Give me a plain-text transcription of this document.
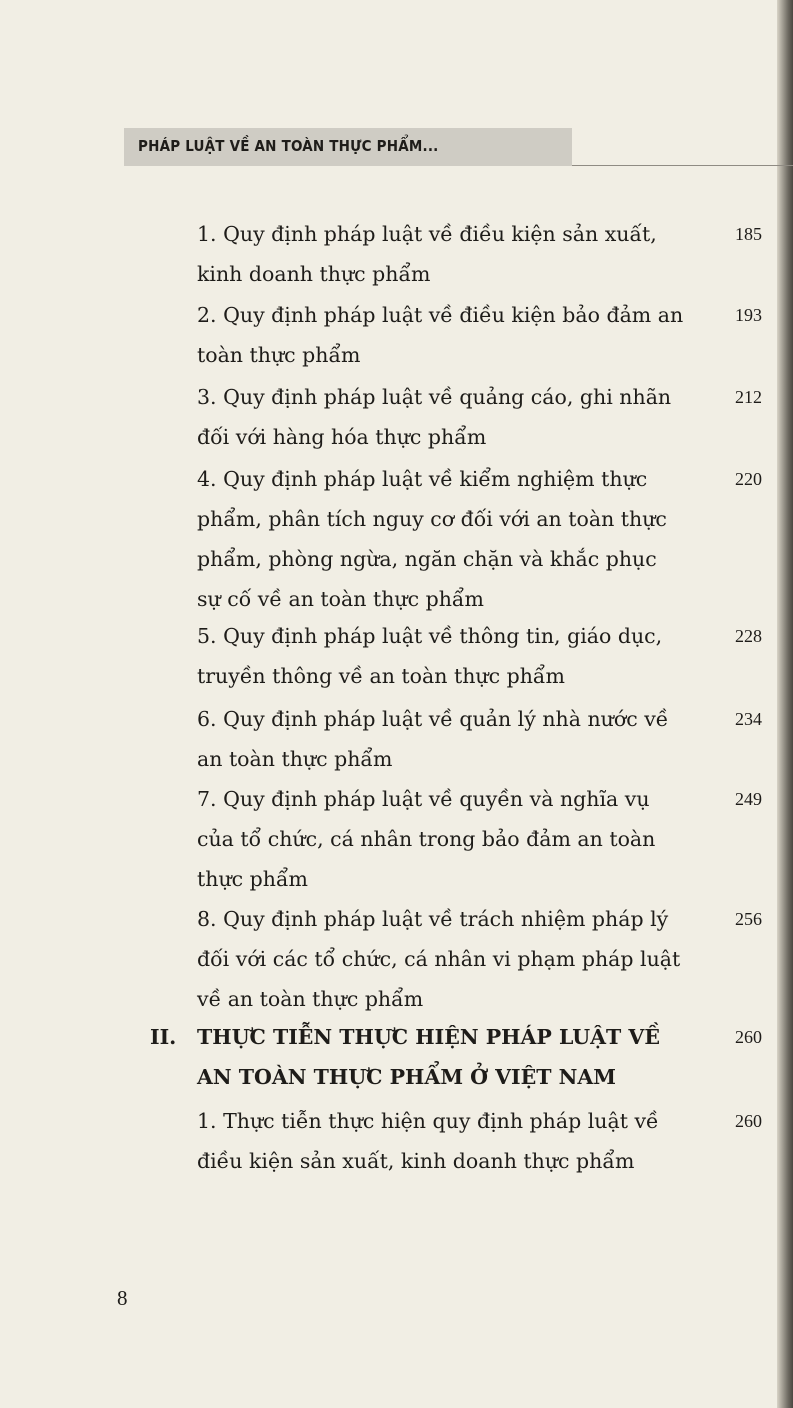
PHÁP LUẬT VỀ AN TOÀN THỰC PHẨM...
1. Quy định pháp luật về điều kiện sản xuất,
kinh doanh thực phẩm
185
2. Quy định pháp luật về điều kiện bảo đảm an
toàn thực phẩm
193
3. Quy định pháp luật về quảng cáo, ghi nhãn
đối với hàng hóa thực phẩm
212
4. Quy định pháp luật về kiểm nghiệm thực
phẩm, phân tích nguy cơ đối với an toàn thực
phẩm, phòng ngừa, ngăn chặn và khắc phục
sự cố về an toàn thực phẩm
220
5. Quy định pháp luật về thông tin, giáo dục,
truyền thông về an toàn thực phẩm
228
6. Quy định pháp luật về quản lý nhà nước về
an toàn thực phẩm
234
7. Quy định pháp luật về quyền và nghĩa vụ
của tổ chức, cá nhân trong bảo đảm an toàn
thực phẩm
249
8. Quy định pháp luật về trách nhiệm pháp lý
đối với các tổ chức, cá nhân vi phạm pháp luật
về an toàn thực phẩm
256
II. THỰC TIỄN THỰC HIỆN PHÁP LUẬT VỀ
AN TOÀN THỰC PHẨM Ở VIỆT NAM
260
1. Thực tiễn thực hiện quy định pháp luật về
điều kiện sản xuất, kinh doanh thực phẩm
260
8
